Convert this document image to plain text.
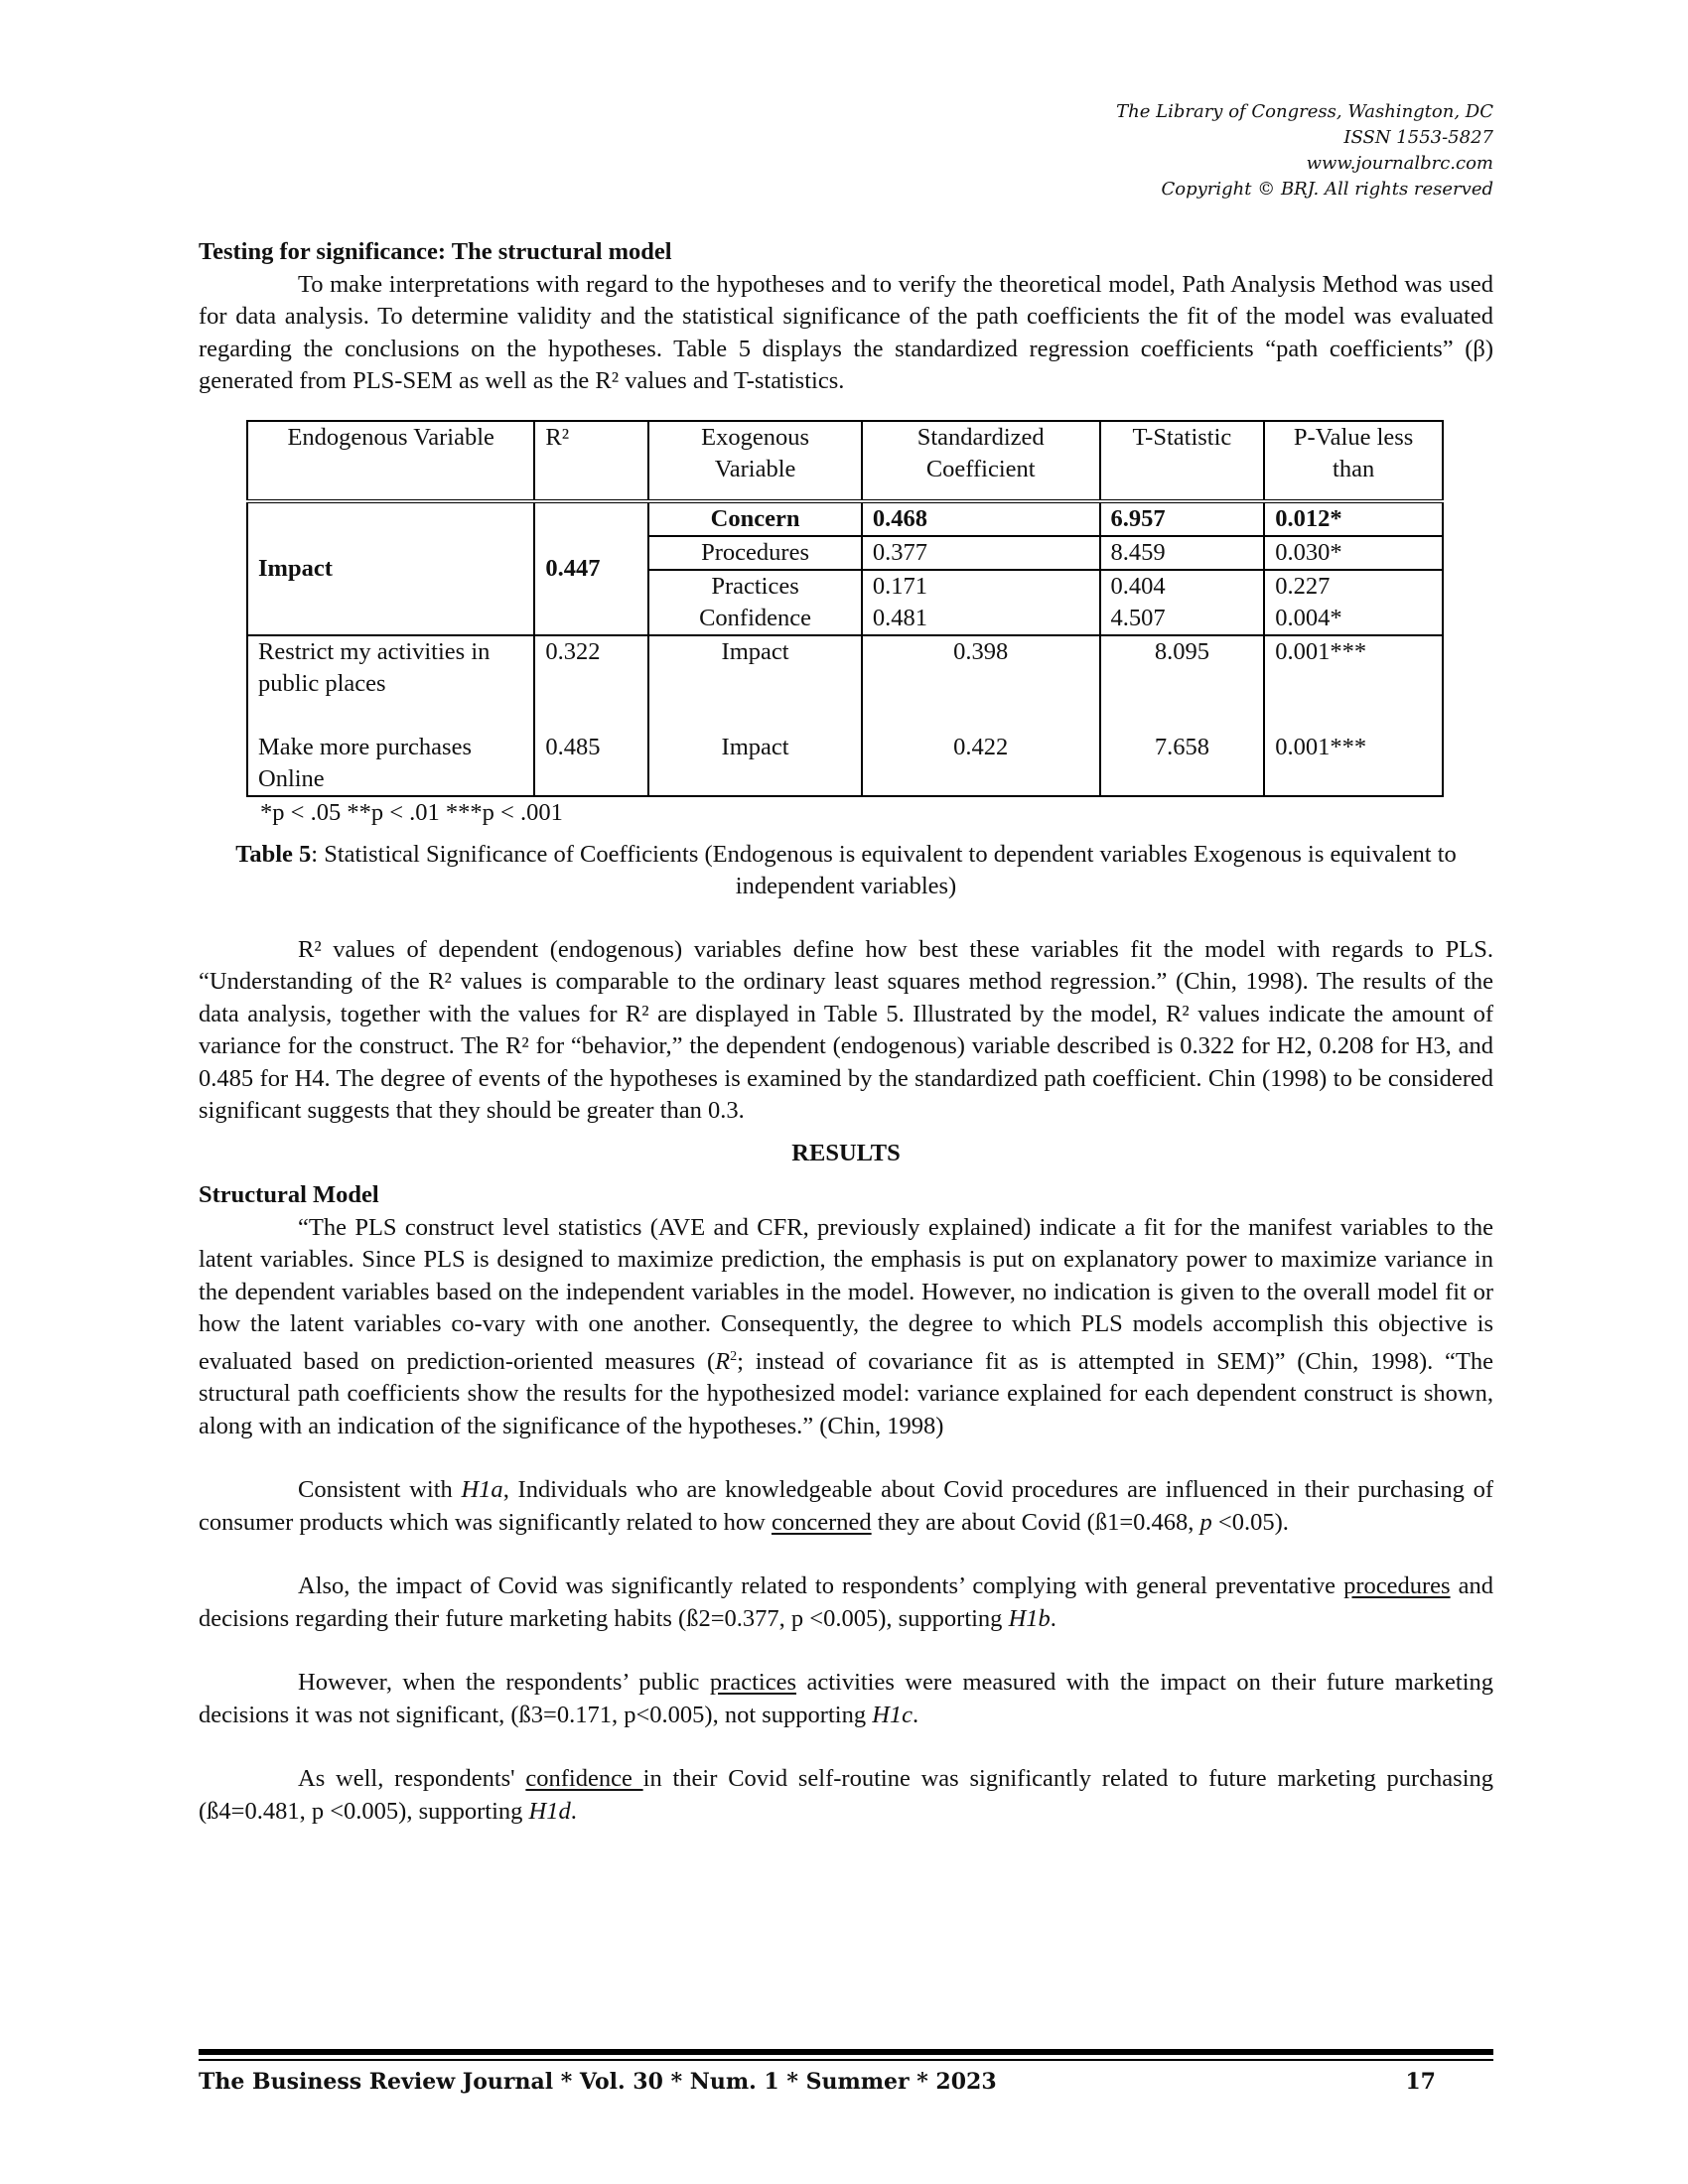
The Library of Congress, Washington, DC
ISSN 1553-5827
www.journalbrc.com
Copyright © BRJ. All rights reserved
Testing for significance: The structural model

To make interpretations with regard to the hypotheses and to verify the theoretical model, Path Analysis Method was used for data analysis. To determine validity and the statistical significance of the path coefficients the fit of the model was evaluated regarding the conclusions on the hypotheses. Table 5 displays the standardized regression coefficients “path coefficients” (β) generated from PLS-SEM as well as the R² values and T-statistics.

Endogenous Variable	R²	Exogenous Variable	Standardized Coefficient	T-Statistic	P-Value less than
Impact	0.447	Concern	0.468	6.957	0.012*
		Procedures	0.377	8.459	0.030*
		Practices	0.171	0.404	0.227
		Confidence	0.481	4.507	0.004*
Restrict my activities in public places	0.322	Impact	0.398	8.095	0.001***
Make more purchases Online	0.485	Impact	0.422	7.658	0.001***
*p < .05 **p < .01 ***p < .001
Table 5: Statistical Significance of Coefficients (Endogenous is equivalent to dependent variables Exogenous is equivalent to independent variables)

R² values of dependent (endogenous) variables define how best these variables fit the model with regards to PLS. “Understanding of the R² values is comparable to the ordinary least squares method regression.” (Chin, 1998). The results of the data analysis, together with the values for R² are displayed in Table 5. Illustrated by the model, R² values indicate the amount of variance for the construct. The R² for “behavior,” the dependent (endogenous) variable described is 0.322 for H2, 0.208 for H3, and 0.485 for H4. The degree of events of the hypotheses is examined by the standardized path coefficient. Chin (1998) to be considered significant suggests that they should be greater than 0.3.

RESULTS
Structural Model

“The PLS construct level statistics (AVE and CFR, previously explained) indicate a fit for the manifest variables to the latent variables. Since PLS is designed to maximize prediction, the emphasis is put on explanatory power to maximize variance in the dependent variables based on the independent variables in the model. However, no indication is given to the overall model fit or how the latent variables co-vary with one another. Consequently, the degree to which PLS models accomplish this objective is evaluated based on prediction-oriented measures ($R^2$; instead of covariance fit as is attempted in SEM)” (Chin, 1998). “The structural path coefficients show the results for the hypothesized model: variance explained for each dependent construct is shown, along with an indication of the significance of the hypotheses.” (Chin, 1998)

Consistent with H1a, Individuals who are knowledgeable about Covid procedures are influenced in their purchasing of consumer products which was significantly related to how concerned they are about Covid (ß1=0.468, p <0.05).

Also, the impact of Covid was significantly related to respondents’ complying with general preventative procedures and decisions regarding their future marketing habits (ß2=0.377, p <0.005), supporting H1b.

However, when the respondents’ public practices activities were measured with the impact on their future marketing decisions it was not significant, (ß3=0.171, p<0.005), not supporting H1c.

As well, respondents' confidence in their Covid self-routine was significantly related to future marketing purchasing (ß4=0.481, p <0.005), supporting H1d.

The Business Review Journal * Vol. 30 * Num. 1 * Summer * 2023	17
